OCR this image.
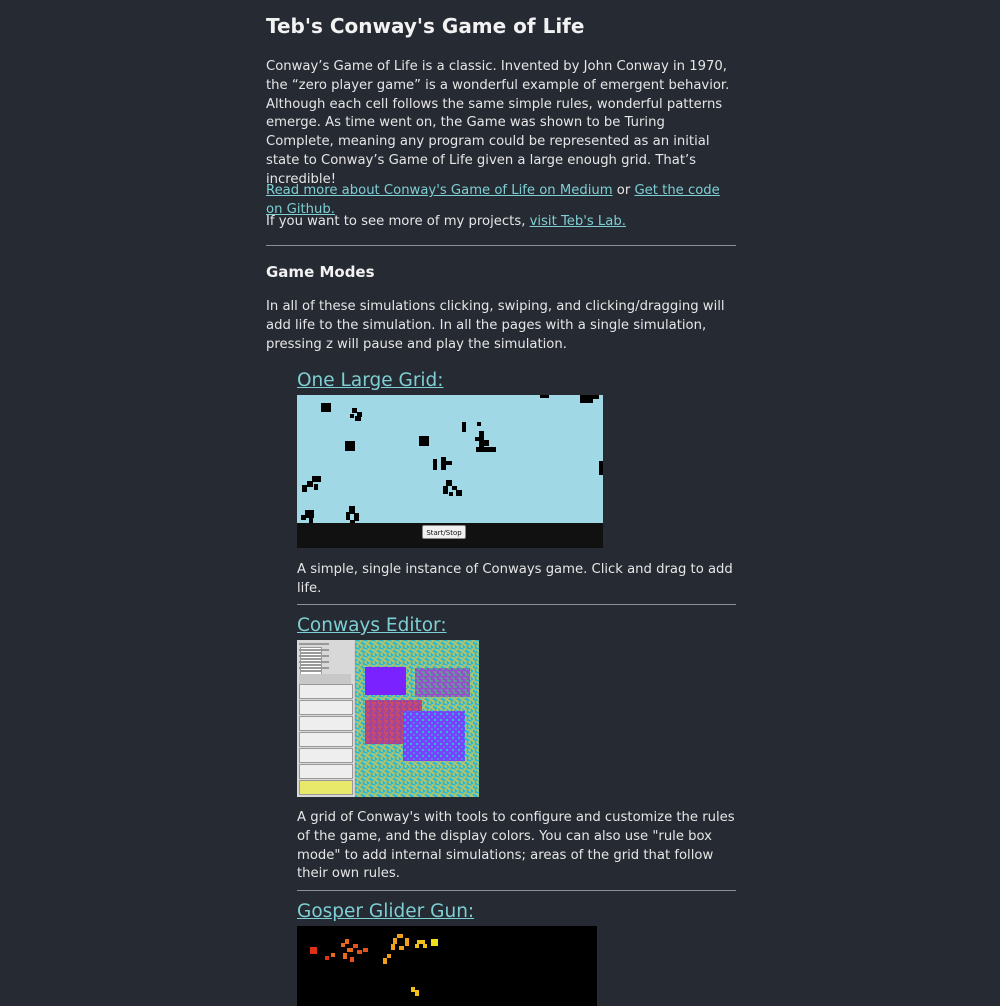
Teb's Conway's Game of Life

Conway’s Game of Life is a classic. Invented by John Conway in 1970, the “zero player game” is a wonderful example of emergent behavior. Although each cell follows the same simple rules, wonderful patterns emerge. As time went on, the Game was shown to be Turing Complete, meaning any program could be represented as an initial state to Conway’s Game of Life given a large enough grid. That’s incredible!

Read more about Conway's Game of Life on Medium or Get the code on Github.

If you want to see more of my projects, visit Teb's Lab.

Game Modes

In all of these simulations clicking, swiping, and clicking/dragging will add life to the simulation. In all the pages with a single simulation, pressing z will pause and play the simulation.

One Large Grid:
Start/Stop

A simple, single instance of Conways game. Click and drag to add life.

Conways Editor:

A grid of Conway's with tools to configure and customize the rules of the game, and the display colors. You can also use "rule box mode" to add internal simulations; areas of the grid that follow their own rules.

Gosper Glider Gun:
